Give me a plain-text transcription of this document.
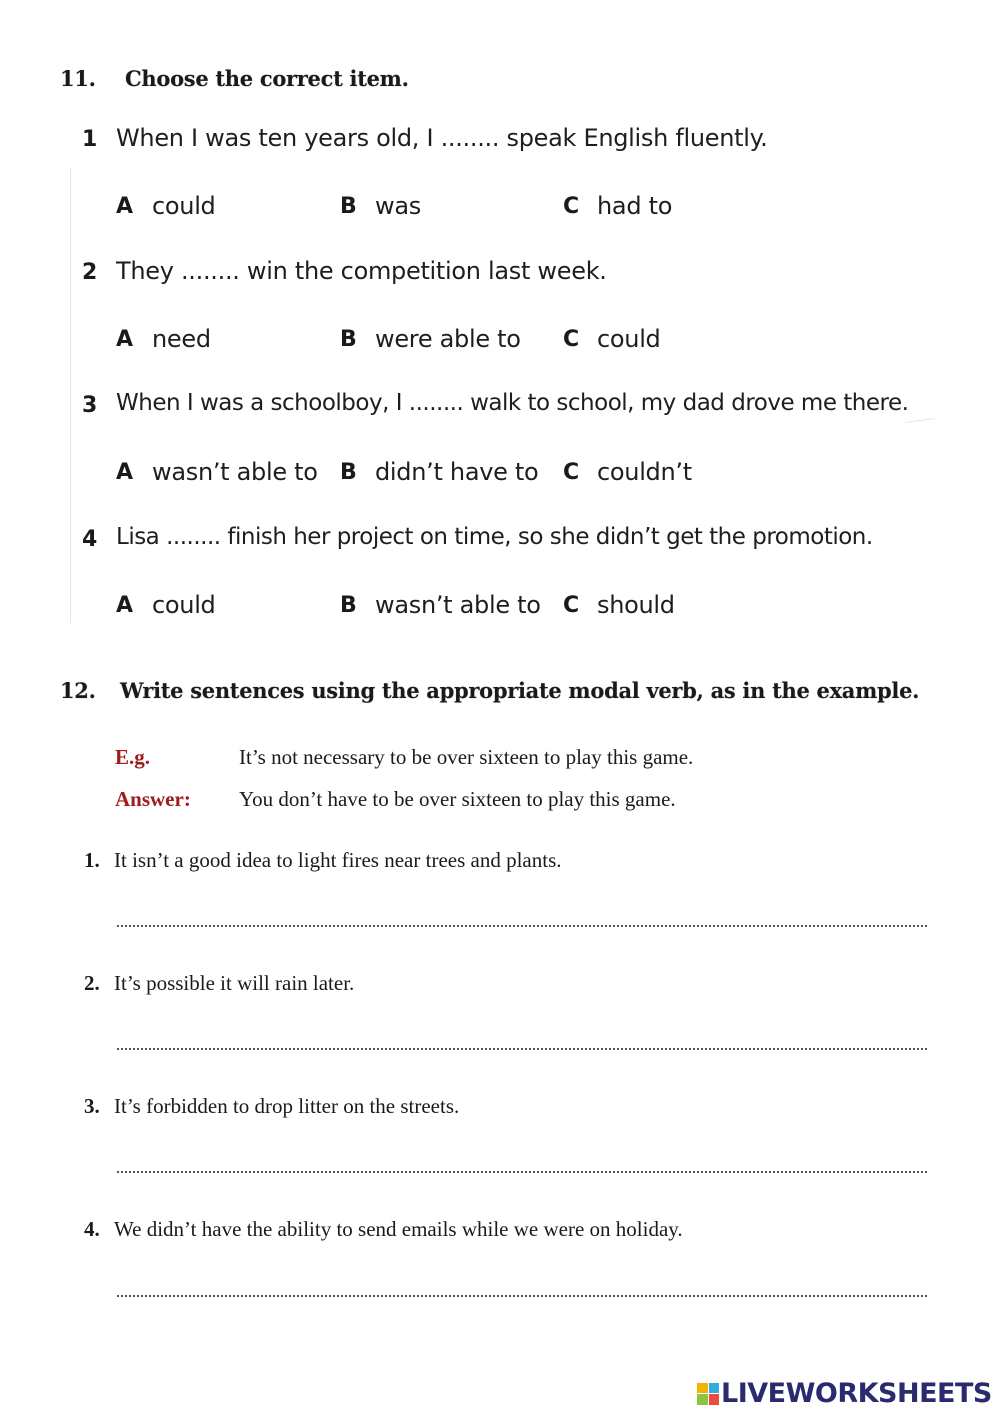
11. Choose the correct item.
1 When I was ten years old, I ........ speak English fluently.
A could	B was	C had to
2 They ........ win the competition last week.
A need	B were able to C could
3 When I was a schoolboy, I ........ walk to school, my dad drove me there.
A wasn’t able to B didn’t have to C couldn’t
4 Lisa ........ finish her project on time, so she didn’t get the promotion.
A could	B wasn’t able to C should
12. Write sentences using the appropriate modal verb, as in the example.
E.g.	It’s not necessary to be over sixteen to play this game.
Answer: You don’t have to be over sixteen to play this game.
1. It isn’t a good idea to light fires near trees and plants.
2. It’s possible it will rain later.
3. It’s forbidden to drop litter on the streets.
4. We didn’t have the ability to send emails while we were on holiday.
LIVEWORKSHEETS
